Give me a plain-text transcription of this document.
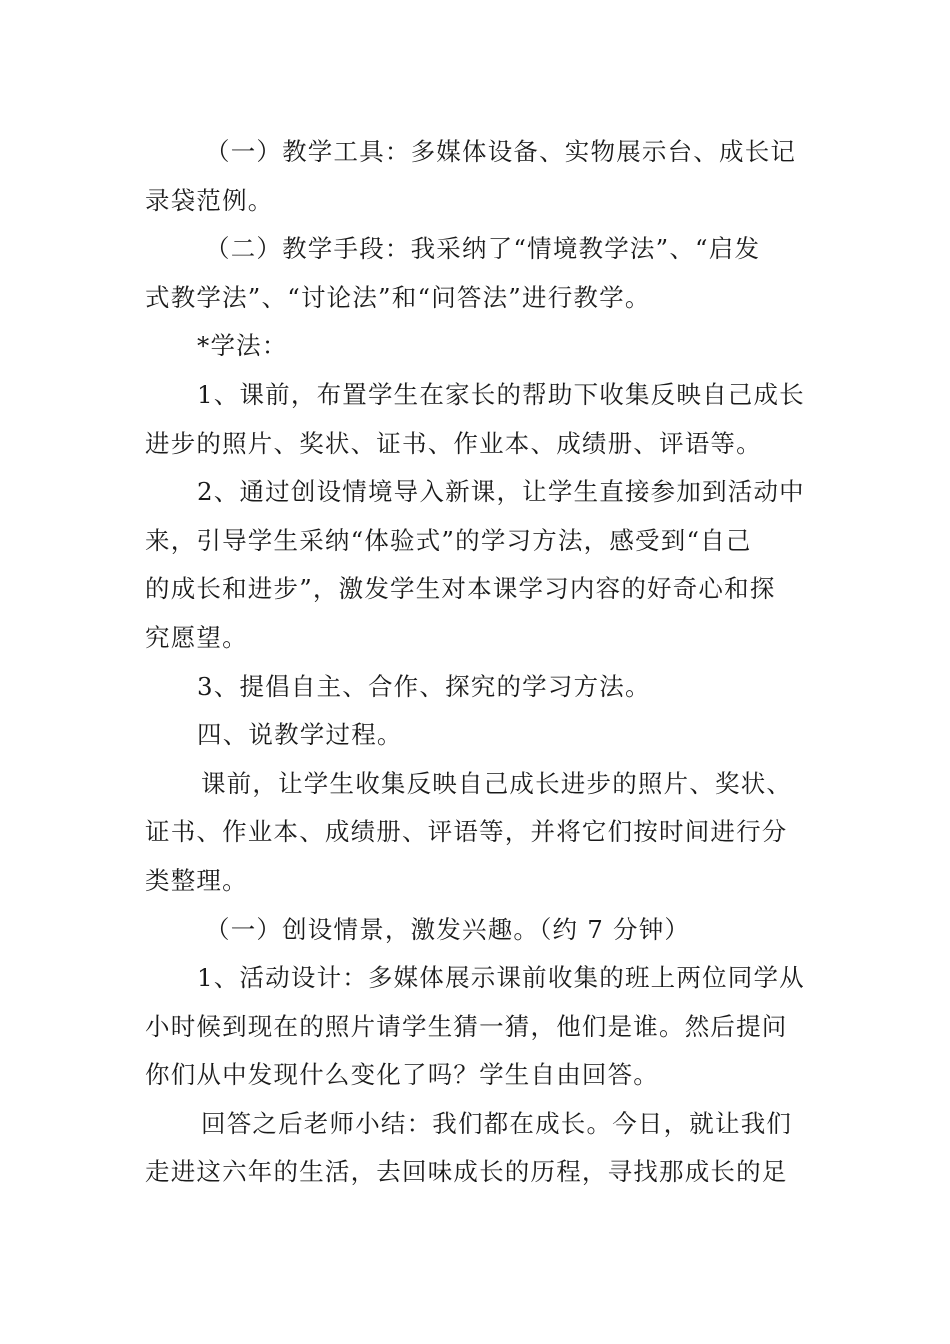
（一）教学工具：多媒体设备、实物展示台、成长记
录袋范例。
（二）教学手段：我采纳了“情境教学法”、“启发
式教学法”、“讨论法”和“问答法”进行教学。
*学法：
1、课前，布置学生在家长的帮助下收集反映自己成长
进步的照片、奖状、证书、作业本、成绩册、评语等。
2、通过创设情境导入新课，让学生直接参加到活动中
来，引导学生采纳“体验式”的学习方法，感受到“自己
的成长和进步”，激发学生对本课学习内容的好奇心和探
究愿望。
3、提倡自主、合作、探究的学习方法。
四、说教学过程。
课前，让学生收集反映自己成长进步的照片、奖状、
证书、作业本、成绩册、评语等，并将它们按时间进行分
类整理。
（一）创设情景，激发兴趣。（约 7 分钟）
1、活动设计：多媒体展示课前收集的班上两位同学从
小时候到现在的照片请学生猜一猜，他们是谁。然后提问
你们从中发现什么变化了吗？学生自由回答。
回答之后老师小结：我们都在成长。今日，就让我们
走进这六年的生活，去回味成长的历程，寻找那成长的足
